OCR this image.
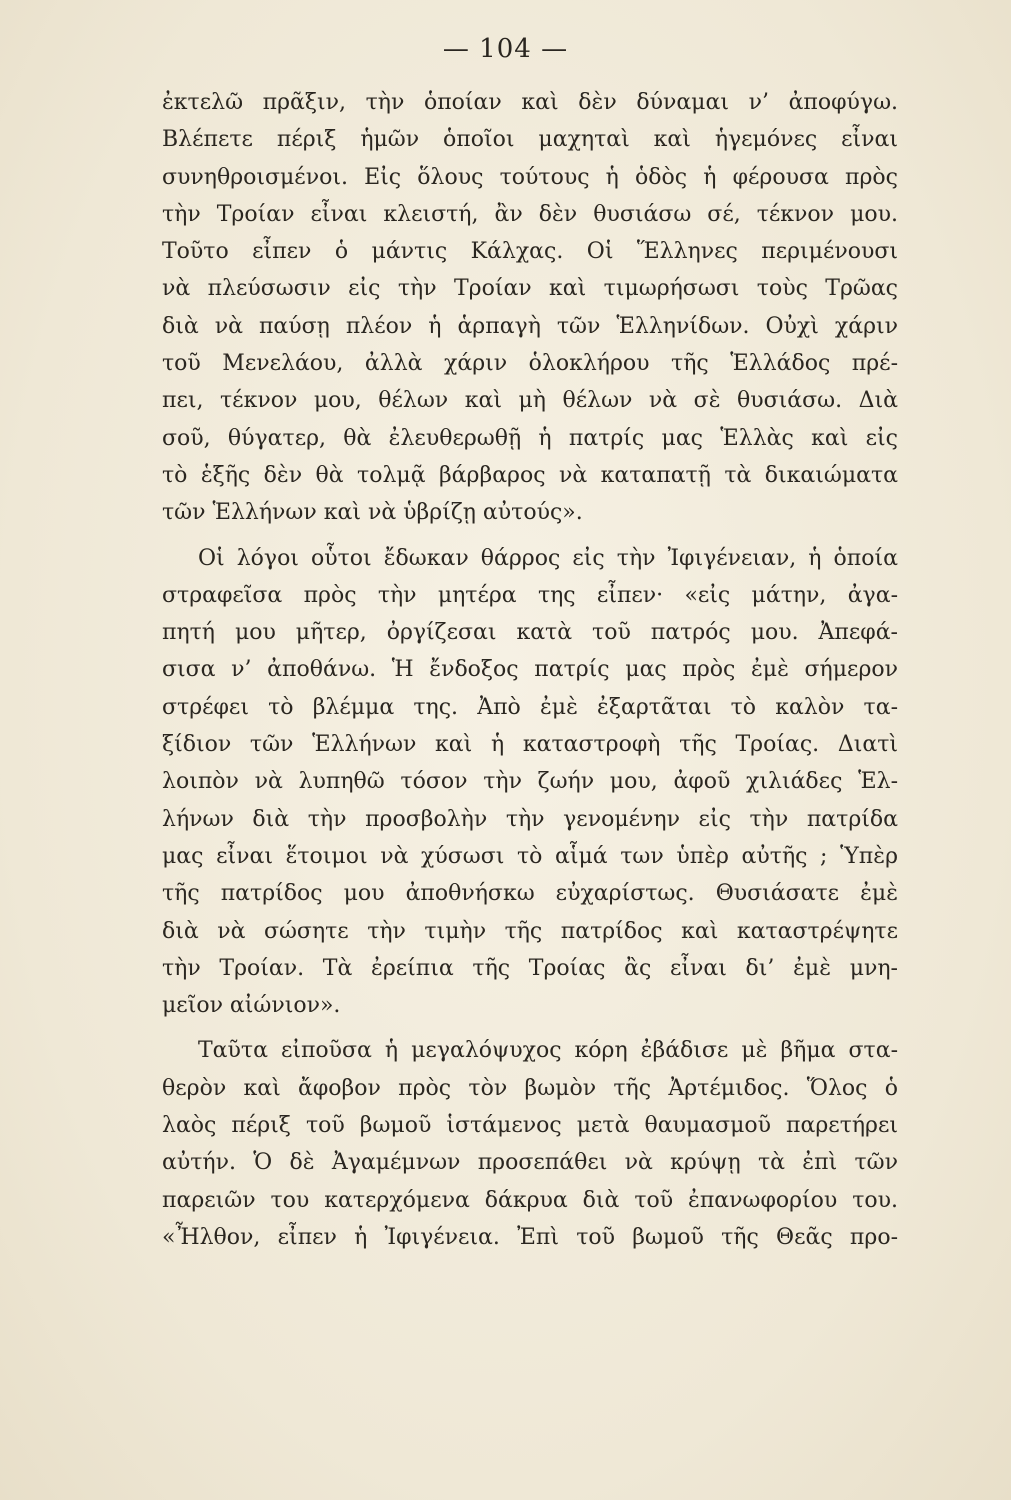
— 104 —
ἐκτελῶ πρᾶξιν, τὴν ὁποίαν καὶ δὲν δύναμαι ν’ ἀποφύγω.
Βλέπετε πέριξ ἡμῶν ὁποῖοι μαχηταὶ καὶ ἡγεμόνες εἶναι
συνηθροισμένοι. Εἰς ὅλους τούτους ἡ ὁδὸς ἡ φέρουσα πρὸς
τὴν Τροίαν εἶναι κλειστή, ἂν δὲν θυσιάσω σέ, τέκνον μου.
Τοῦτο εἶπεν ὁ μάντις Κάλχας. Οἱ Ἕλληνες περιμένουσι
νὰ πλεύσωσιν εἰς τὴν Τροίαν καὶ τιμωρήσωσι τοὺς Τρῶας
διὰ νὰ παύσῃ πλέον ἡ ἁρπαγὴ τῶν Ἑλληνίδων. Οὐχὶ χάριν
τοῦ Μενελάου, ἀλλὰ χάριν ὁλοκλήρου τῆς Ἑλλάδος πρέ-
πει, τέκνον μου, θέλων καὶ μὴ θέλων νὰ σὲ θυσιάσω. Διὰ
σοῦ, θύγατερ, θὰ ἐλευθερωθῇ ἡ πατρίς μας Ἑλλὰς καὶ εἰς
τὸ ἑξῆς δὲν θὰ τολμᾷ βάρβαρος νὰ καταπατῇ τὰ δικαιώματα
τῶν Ἑλλήνων καὶ νὰ ὑβρίζῃ αὐτούς».
Οἱ λόγοι οὗτοι ἔδωκαν θάρρος εἰς τὴν Ἰφιγένειαν, ἡ ὁποία
στραφεῖσα πρὸς τὴν μητέρα της εἶπεν· «εἰς μάτην, ἀγα-
πητή μου μῆτερ, ὀργίζεσαι κατὰ τοῦ πατρός μου. Ἀπεφά-
σισα ν’ ἀποθάνω. Ἡ ἔνδοξος πατρίς μας πρὸς ἐμὲ σήμερον
στρέφει τὸ βλέμμα της. Ἀπὸ ἐμὲ ἐξαρτᾶται τὸ καλὸν τα-
ξίδιον τῶν Ἑλλήνων καὶ ἡ καταστροφὴ τῆς Τροίας. Διατὶ
λοιπὸν νὰ λυπηθῶ τόσον τὴν ζωήν μου, ἀφοῦ χιλιάδες Ἑλ-
λήνων διὰ τὴν προσβολὴν τὴν γενομένην εἰς τὴν πατρίδα
μας εἶναι ἕτοιμοι νὰ χύσωσι τὸ αἷμά των ὑπὲρ αὐτῆς ; Ὑπὲρ
τῆς πατρίδος μου ἀποθνήσκω εὐχαρίστως. Θυσιάσατε ἐμὲ
διὰ νὰ σώσητε τὴν τιμὴν τῆς πατρίδος καὶ καταστρέψητε
τὴν Τροίαν. Τὰ ἐρείπια τῆς Τροίας ἂς εἶναι δι’ ἐμὲ μνη-
μεῖον αἰώνιον».
Ταῦτα εἰποῦσα ἡ μεγαλόψυχος κόρη ἐβάδισε μὲ βῆμα στα-
θερὸν καὶ ἄφοβον πρὸς τὸν βωμὸν τῆς Ἀρτέμιδος. Ὅλος ὁ
λαὸς πέριξ τοῦ βωμοῦ ἱστάμενος μετὰ θαυμασμοῦ παρετήρει
αὐτήν. Ὁ δὲ Ἀγαμέμνων προσεπάθει νὰ κρύψῃ τὰ ἐπὶ τῶν
παρειῶν του κατερχόμενα δάκρυα διὰ τοῦ ἐπανωφορίου του.
«Ἦλθον, εἶπεν ἡ Ἰφιγένεια. Ἐπὶ τοῦ βωμοῦ τῆς Θεᾶς προ-
